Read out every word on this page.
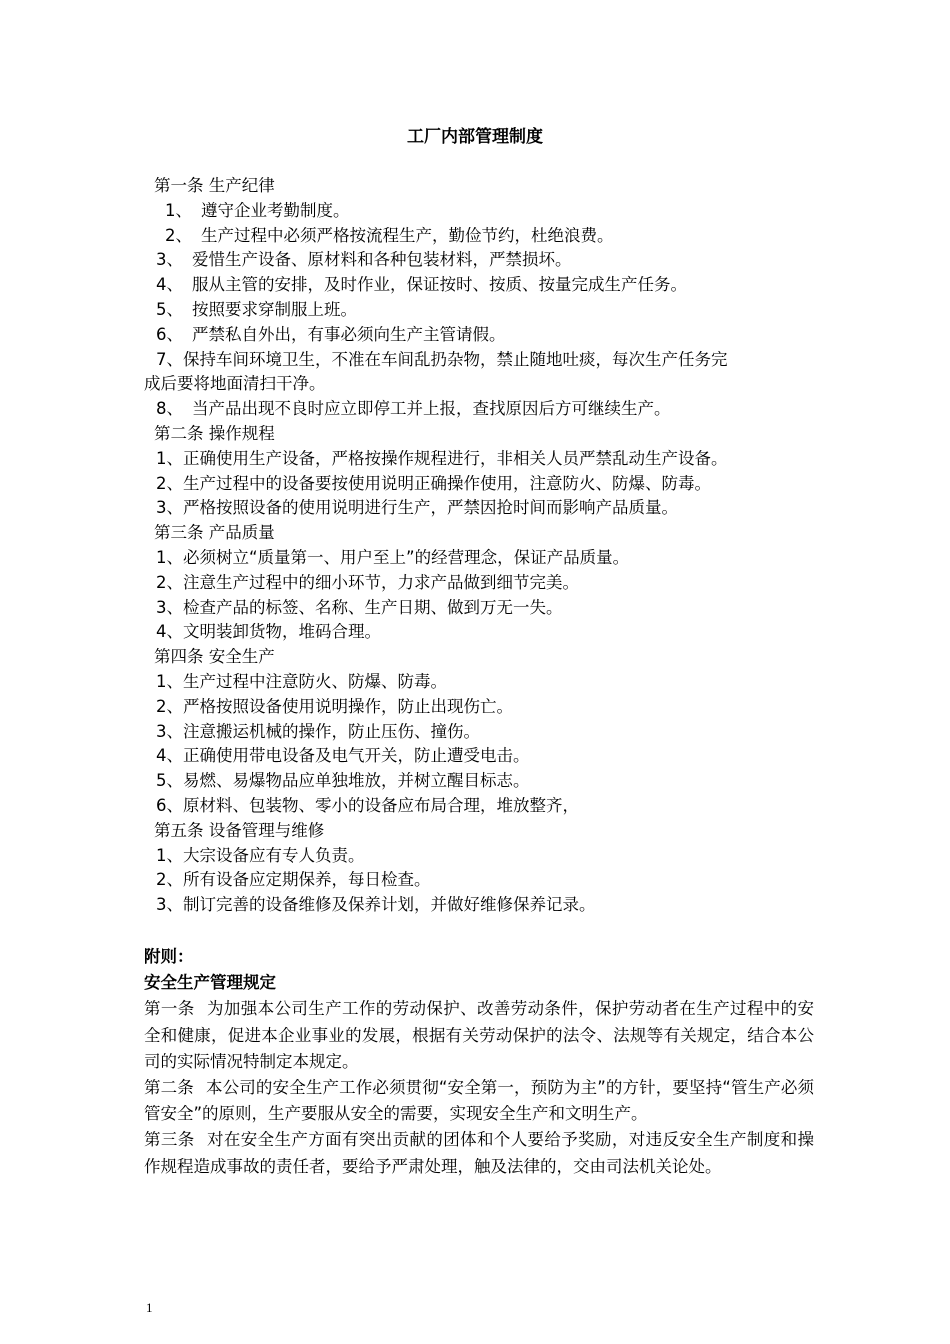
工厂内部管理制度
第一条 生产纪律
1、 遵守企业考勤制度。
2、 生产过程中必须严格按流程生产，勤俭节约，杜绝浪费。
3、 爱惜生产设备、原材料和各种包装材料，严禁损坏。
4、 服从主管的安排，及时作业，保证按时、按质、按量完成生产任务。
5、 按照要求穿制服上班。
6、 严禁私自外出，有事必须向生产主管请假。
7、保持车间环境卫生，不准在车间乱扔杂物，禁止随地吐痰，每次生产任务完
成后要将地面清扫干净。
8、 当产品出现不良时应立即停工并上报，查找原因后方可继续生产。
第二条 操作规程
1、正确使用生产设备，严格按操作规程进行，非相关人员严禁乱动生产设备。
2、生产过程中的设备要按使用说明正确操作使用，注意防火、防爆、防毒。
3、严格按照设备的使用说明进行生产，严禁因抢时间而影响产品质量。
第三条 产品质量
1、必须树立“质量第一、用户至上”的经营理念，保证产品质量。
2、注意生产过程中的细小环节，力求产品做到细节完美。
3、检查产品的标签、名称、生产日期、做到万无一失。
4、文明装卸货物，堆码合理。
第四条 安全生产
1、生产过程中注意防火、防爆、防毒。
2、严格按照设备使用说明操作，防止出现伤亡。
3、注意搬运机械的操作，防止压伤、撞伤。
4、正确使用带电设备及电气开关，防止遭受电击。
5、易燃、易爆物品应单独堆放，并树立醒目标志。
6、原材料、包装物、零小的设备应布局合理，堆放整齐，
第五条 设备管理与维修
1、大宗设备应有专人负责。
2、所有设备应定期保养，每日检查。
3、制订完善的设备维修及保养计划，并做好维修保养记录。
附则：
安全生产管理规定
第一条 为加强本公司生产工作的劳动保护、改善劳动条件，保护劳动者在生产过程中的安全和健康，促进本企业事业的发展，根据有关劳动保护的法令、法规等有关规定，结合本公司的实际情况特制定本规定。
第二条 本公司的安全生产工作必须贯彻“安全第一，预防为主”的方针，要坚持“管生产必须管安全”的原则，生产要服从安全的需要，实现安全生产和文明生产。
第三条 对在安全生产方面有突出贡献的团体和个人要给予奖励，对违反安全生产制度和操作规程造成事故的责任者，要给予严肃处理，触及法律的，交由司法机关论处。
1
